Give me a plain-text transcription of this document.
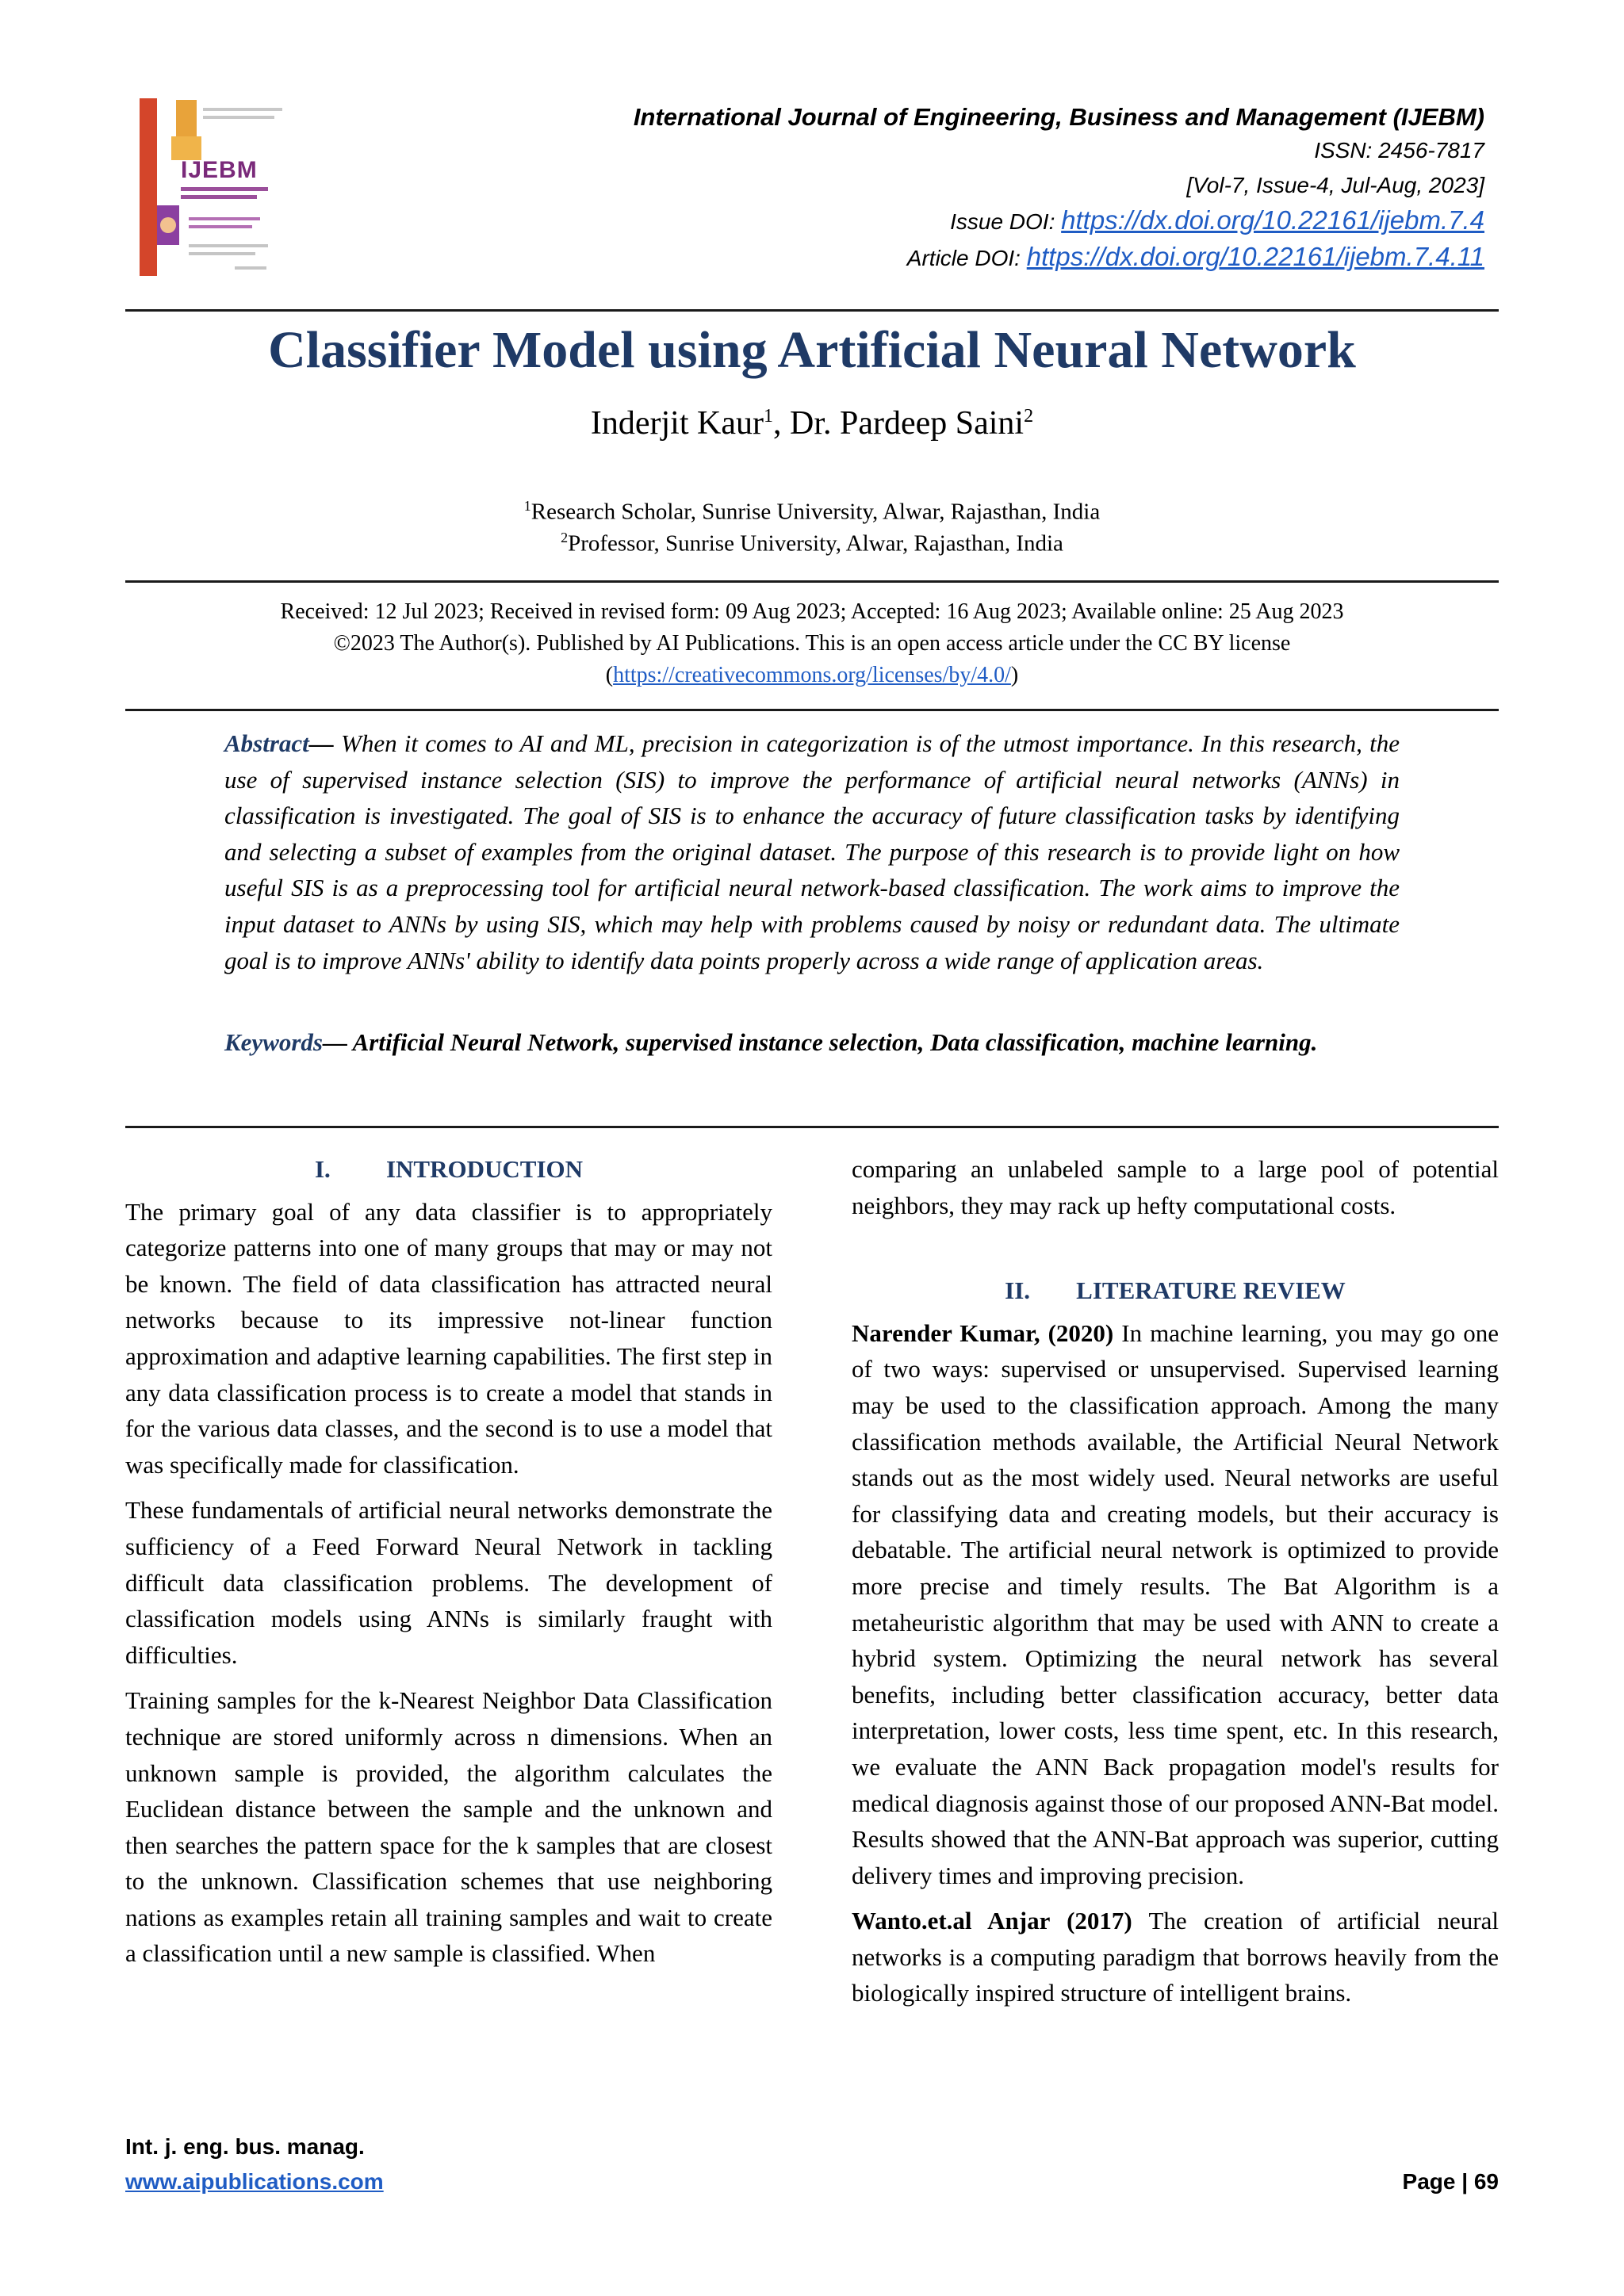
IJEBM
International Journal of Engineering, Business and Management (IJEBM)
ISSN: 2456-7817
[Vol-7, Issue-4, Jul-Aug, 2023]
Issue DOI: https://dx.doi.org/10.22161/ijebm.7.4
Article DOI: https://dx.doi.org/10.22161/ijebm.7.4.11
Classifier Model using Artificial Neural Network
Inderjit Kaur$^1$, Dr. Pardeep Saini$^2$
$^1$Research Scholar, Sunrise University, Alwar, Rajasthan, India
$^2$Professor, Sunrise University, Alwar, Rajasthan, India
Received: 12 Jul 2023; Received in revised form: 09 Aug 2023; Accepted: 16 Aug 2023; Available online: 25 Aug 2023
©2023 The Author(s). Published by AI Publications. This is an open access article under the CC BY license
(https://creativecommons.org/licenses/by/4.0/)
Abstract— When it comes to AI and ML, precision in categorization is of the utmost importance. In this research, the use of supervised instance selection (SIS) to improve the performance of artificial neural networks (ANNs) in classification is investigated. The goal of SIS is to enhance the accuracy of future classification tasks by identifying and selecting a subset of examples from the original dataset. The purpose of this research is to provide light on how useful SIS is as a preprocessing tool for artificial neural network-based classification. The work aims to improve the input dataset to ANNs by using SIS, which may help with problems caused by noisy or redundant data. The ultimate goal is to improve ANNs' ability to identify data points properly across a wide range of application areas.
Keywords— Artificial Neural Network, supervised instance selection, Data classification, machine learning.
I. INTRODUCTION

The primary goal of any data classifier is to appropriately categorize patterns into one of many groups that may or may not be known. The field of data classification has attracted neural networks because to its impressive not-linear function approximation and adaptive learning capabilities. The first step in any data classification process is to create a model that stands in for the various data classes, and the second is to use a model that was specifically made for classification.

These fundamentals of artificial neural networks demonstrate the sufficiency of a Feed Forward Neural Network in tackling difficult data classification problems. The development of classification models using ANNs is similarly fraught with difficulties.

Training samples for the k-Nearest Neighbor Data Classification technique are stored uniformly across n dimensions. When an unknown sample is provided, the algorithm calculates the Euclidean distance between the sample and the unknown and then searches the pattern space for the k samples that are closest to the unknown. Classification schemes that use neighboring nations as examples retain all training samples and wait to create a classification until a new sample is classified. When

comparing an unlabeled sample to a large pool of potential neighbors, they may rack up hefty computational costs.

II. LITERATURE REVIEW

Narender Kumar, (2020) In machine learning, you may go one of two ways: supervised or unsupervised. Supervised learning may be used to the classification approach. Among the many classification methods available, the Artificial Neural Network stands out as the most widely used. Neural networks are useful for classifying data and creating models, but their accuracy is debatable. The artificial neural network is optimized to provide more precise and timely results. The Bat Algorithm is a metaheuristic algorithm that may be used with ANN to create a hybrid system. Optimizing the neural network has several benefits, including better classification accuracy, better data interpretation, lower costs, less time spent, etc. In this research, we evaluate the ANN Back propagation model's results for medical diagnosis against those of our proposed ANN-Bat model. Results showed that the ANN-Bat approach was superior, cutting delivery times and improving precision.

Wanto.et.al Anjar (2017) The creation of artificial neural networks is a computing paradigm that borrows heavily from the biologically inspired structure of intelligent brains.

Int. j. eng. bus. manag.
www.aipublications.com	Page | 69
